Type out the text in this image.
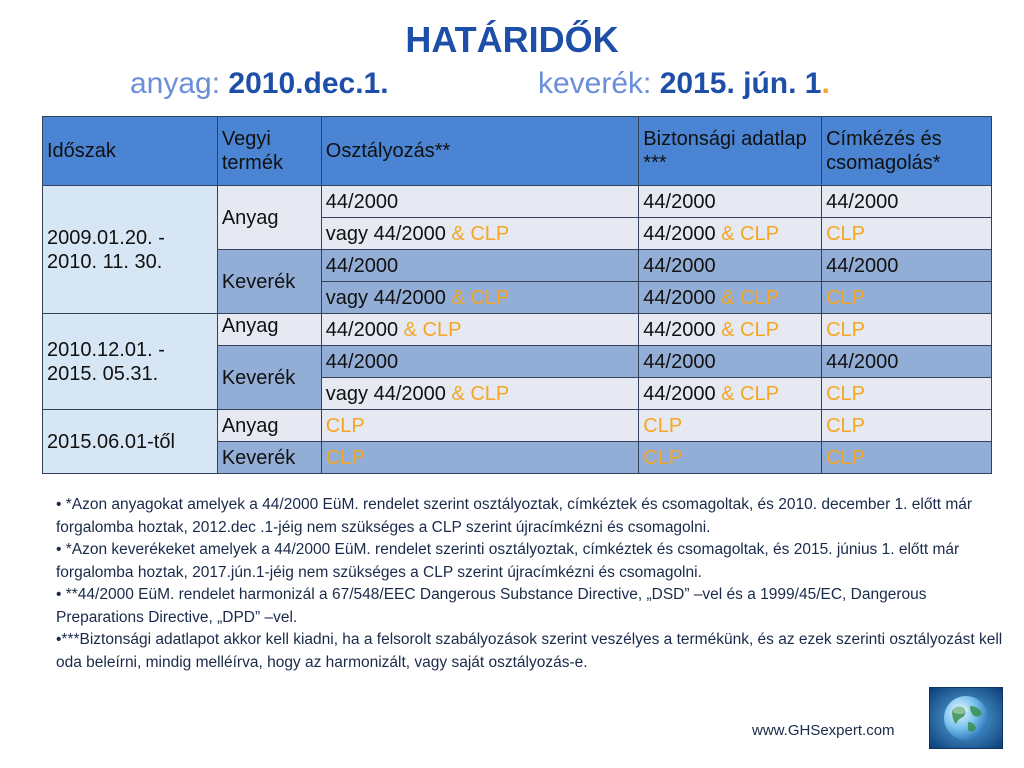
HATÁRIDŐK
anyag: 2010.dec.1.	keverék: 2015. jún. 1.
Időszak	Vegyi termék	Osztályozás**	Biztonsági adatlap ***	Címkézés és csomagolás*
2009.01.20. - 2010. 11. 30.	Anyag	44/2000	44/2000	44/2000
		vagy 44/2000 & CLP	44/2000 & CLP	CLP
	Keverék	44/2000	44/2000	44/2000
		vagy 44/2000 & CLP	44/2000 & CLP	CLP
2010.12.01. - 2015. 05.31.	Anyag	44/2000 & CLP	44/2000 & CLP	CLP
	Keverék	44/2000	44/2000	44/2000
		vagy 44/2000 & CLP	44/2000 & CLP	CLP
2015.06.01-től	Anyag	CLP	CLP	CLP
	Keverék	CLP	CLP	CLP

• *Azon anyagokat amelyek a 44/2000 EüM. rendelet szerint osztályoztak, címkéztek és csomagoltak, és 2010. december 1. előtt már forgalomba hoztak, 2012.dec .1-jéig nem szükséges a CLP szerint újracímkézni és csomagolni.

• *Azon keverékeket amelyek a 44/2000 EüM. rendelet szerinti osztályoztak, címkéztek és csomagoltak, és 2015. június 1. előtt már forgalomba hoztak, 2017.jún.1-jéig nem szükséges a CLP szerint újracímkézni és csomagolni.

• **44/2000 EüM. rendelet harmonizál a 67/548/EEC Dangerous Substance Directive, „DSD” –vel és a 1999/45/EC, Dangerous Preparations Directive, „DPD” –vel.

•***Biztonsági adatlapot akkor kell kiadni, ha a felsorolt szabályozások szerint veszélyes a termékünk, és az ezek szerinti osztályozást kell oda beleírni, mindig melléírva, hogy az harmonizált, vagy saját osztályozás-e.

www.GHSexpert.com
